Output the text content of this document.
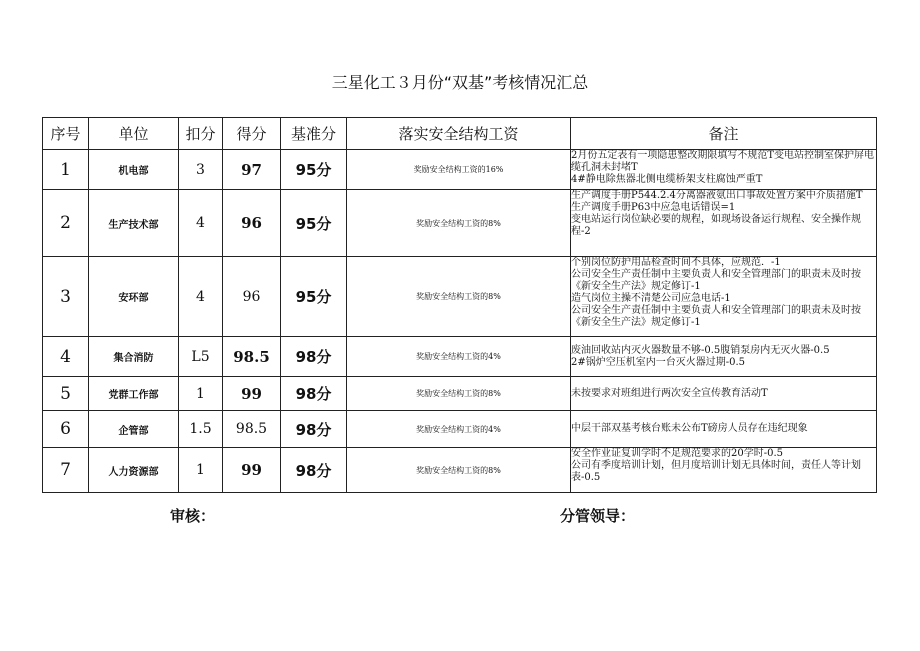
三星化工３月份“双基”考核情况汇总
序号	单位	扣分	得分	基准分	落实安全结构工资	备注
1	机电部	3	97	95分	奖励安全结构工资的16%	2月份五定表有一项隐患整改期限填写不规范T变电站控制室保护屏电缆孔洞未封堵T
4#静电除焦器北侧电缆桥架支柱腐蚀严重T

2	生产技术部	4	96	95分	奖励安全结构工资的8%	生产调度手册P544.2.4分离器液氨出口事故处置方案中介质措施T
生产调度手册P63中应急电话错误=1
变电站运行岗位缺必要的规程，如现场设备运行规程、安全操作规程-2

3	安环部	4	96	95分	奖励安全结构工资的8%	个别岗位防护用品检查时间不具体，应规范．-1
公司安全生产责任制中主要负责人和安全管理部门的职责未及时按《新安全生产法》规定修订-1
造气岗位主操不清楚公司应急电话-1
公司安全生产责任制中主要负责人和安全管理部门的职责未及时按《新安全生产法》规定修订-1

4	集合消防	L5	98.5	98分	奖励安全结构工资的4%	废油回收站内灭火器数量不够-0.5腹销泵房内无灭火器-0.5
2#锅炉空压机室内一台灭火器过期-0.5

5	党群工作部	1	99	98分	奖励安全结构工资的8%	未按要求对班组进行两次安全宣传教育活动T

6	企管部	1.5	98.5	98分	奖励安全结构工资的4%	中层干部双基考核台账未公布T磅房人员存在违纪现象

7	人力资源部	1	99	98分	奖励安全结构工资的8%	安全作业证复训学时不足规范要求的20学时-0.5
公司有季度培训计划，但月度培训计划无具体时间，责任人等计划表-0.5
审核：	分管领导：
